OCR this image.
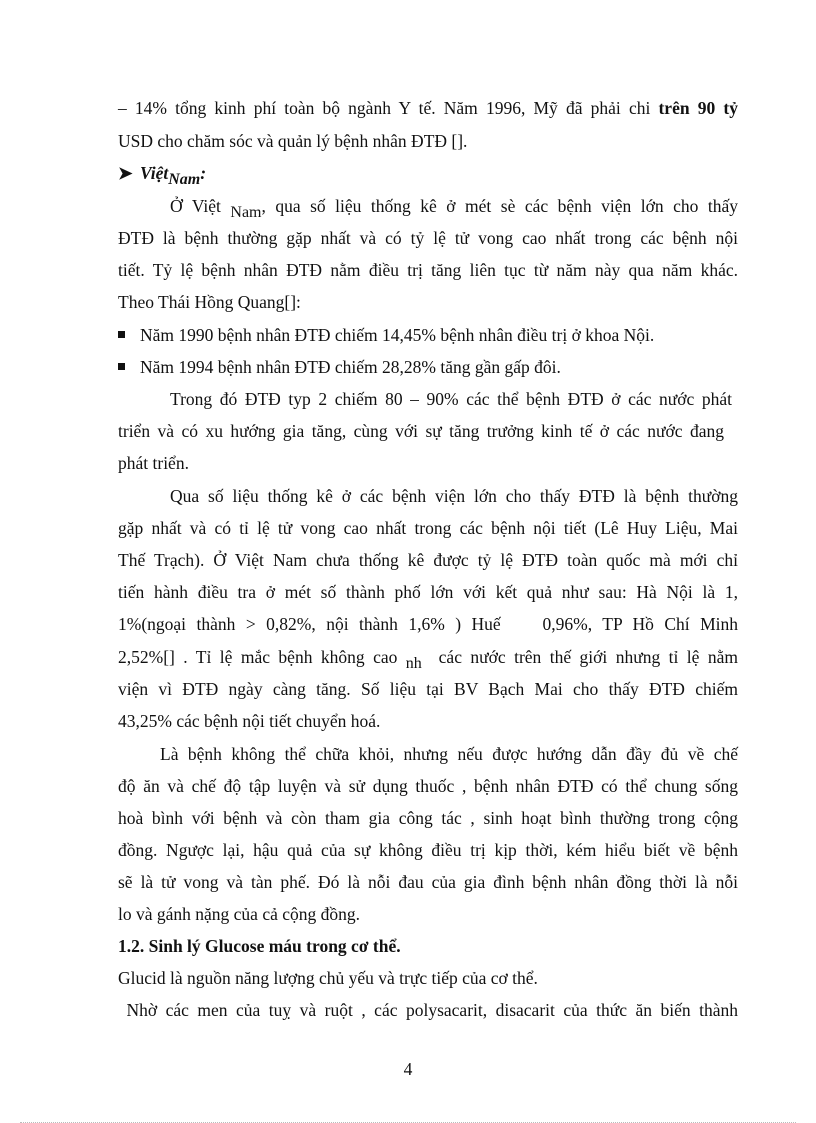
– 14% tổng kinh phí toàn bộ ngành Y tế. Năm 1996, Mỹ đã phải chi trên 90 tỷ
USD cho chăm sóc và quản lý bệnh nhân ĐTĐ [].
➤ ViệtNam:
Ở Việt Nam, qua số liệu thống kê ở mét sè các bệnh viện lớn cho thấy
ĐTĐ là bệnh thường gặp nhất và có tỷ lệ tử vong cao nhất trong các bệnh nội
tiết. Tỷ lệ bệnh nhân ĐTĐ nằm điều trị tăng liên tục từ năm này qua năm khác.
Theo Thái Hồng Quang[]:
Năm 1990 bệnh nhân ĐTĐ chiếm 14,45% bệnh nhân điều trị ở khoa Nội.
Năm 1994 bệnh nhân ĐTĐ chiếm 28,28% tăng gần gấp đôi.
Trong đó ĐTĐ typ 2 chiếm 80 – 90% các thể bệnh ĐTĐ ở các nước phát
triển và có xu hướng gia tăng, cùng với sự tăng trưởng kinh tế ở các nước đang
phát triển.
Qua số liệu thống kê ở các bệnh viện lớn cho thấy ĐTĐ là bệnh thường
gặp nhất và có tỉ lệ tử vong cao nhất trong các bệnh nội tiết (Lê Huy Liệu, Mai
Thế Trạch). Ở Việt Nam chưa thống kê được tỷ lệ ĐTĐ toàn quốc mà mới chỉ
tiến hành điều tra ở mét số thành phố lớn với kết quả như sau: Hà Nội là 1,
1%(ngoại thành > 0,82%, nội thành 1,6% ) Huế    0,96%, TP Hồ Chí Minh
2,52%[] . Tỉ lệ mắc bệnh không cao nh  các nước trên thế giới nhưng tỉ lệ nằm
viện vì ĐTĐ ngày càng tăng. Số liệu tại BV Bạch Mai cho thấy ĐTĐ chiếm
43,25% các bệnh nội tiết chuyển hoá.
Là bệnh không thể chữa khỏi, nhưng nếu được hướng dẫn đầy đủ về chế
độ ăn và chế độ tập luyện và sử dụng thuốc , bệnh nhân ĐTĐ có thể chung sống
hoà bình với bệnh và còn tham gia công tác , sinh hoạt bình thường trong cộng
đồng. Ngược lại, hậu quả của sự không điều trị kịp thời, kém hiểu biết về bệnh
sẽ là tử vong và tàn phế. Đó là nỗi đau của gia đình bệnh nhân đồng thời là nỗi
lo và gánh nặng của cả cộng đồng.
1.2. Sinh lý Glucose máu trong cơ thể.
Glucid là nguồn năng lượng chủ yếu và trực tiếp của cơ thể.
Nhờ các men của tuỵ và ruột , các polysacarit, disacarit của thức ăn biến thành
4
